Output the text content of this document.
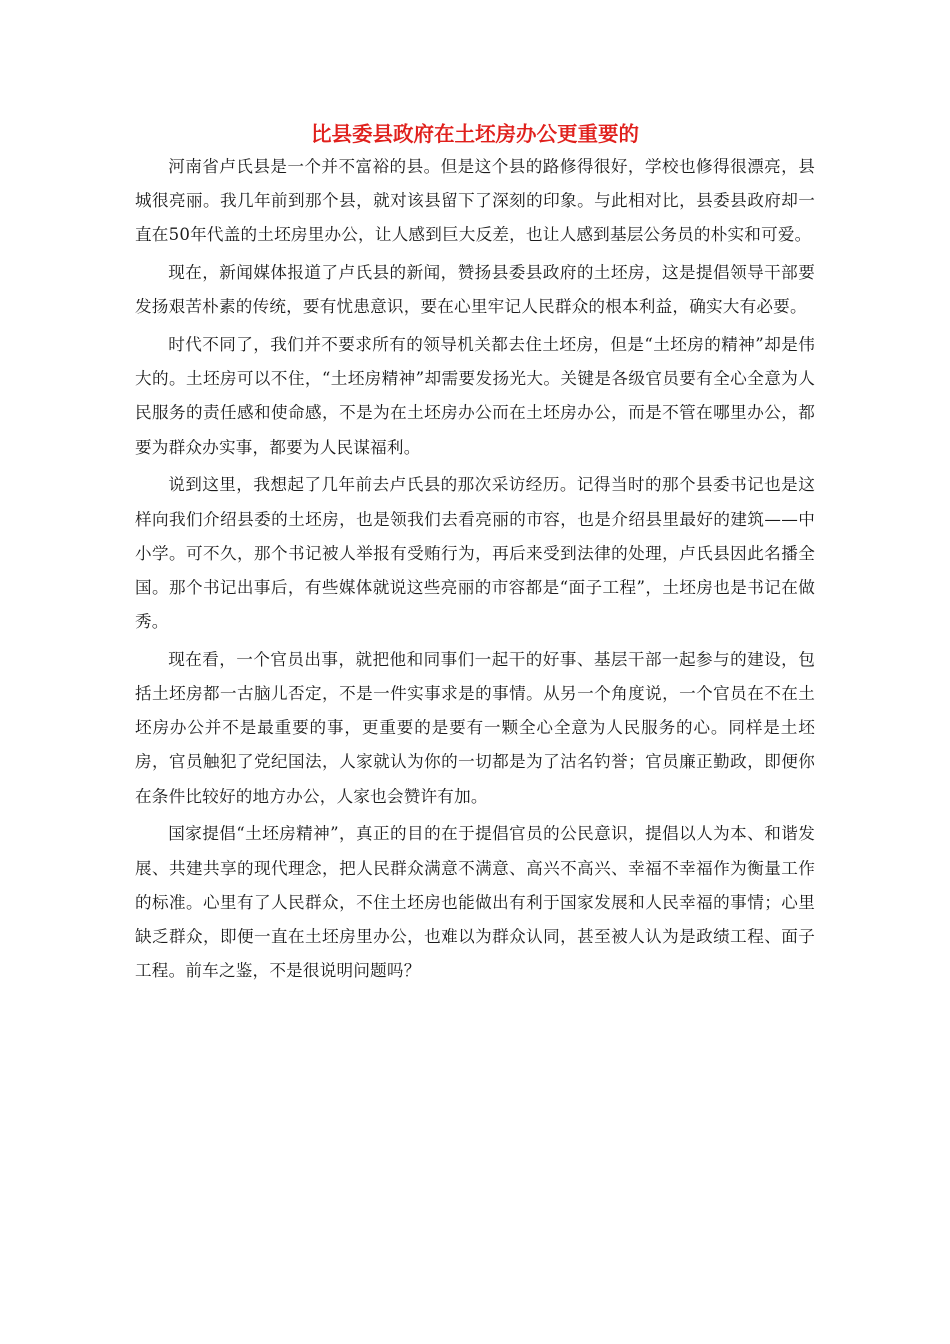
比县委县政府在土坯房办公更重要的

河南省卢氏县是一个并不富裕的县。但是这个县的路修得很好，学校也修得很漂亮，县城很亮丽。我几年前到那个县，就对该县留下了深刻的印象。与此相对比，县委县政府却一直在50年代盖的土坯房里办公，让人感到巨大反差，也让人感到基层公务员的朴实和可爱。

现在，新闻媒体报道了卢氏县的新闻，赞扬县委县政府的土坯房，这是提倡领导干部要发扬艰苦朴素的传统，要有忧患意识，要在心里牢记人民群众的根本利益，确实大有必要。

时代不同了，我们并不要求所有的领导机关都去住土坯房，但是“土坯房的精神”却是伟大的。土坯房可以不住，“土坯房精神”却需要发扬光大。关键是各级官员要有全心全意为人民服务的责任感和使命感，不是为在土坯房办公而在土坯房办公，而是不管在哪里办公，都要为群众办实事，都要为人民谋福利。

说到这里，我想起了几年前去卢氏县的那次采访经历。记得当时的那个县委书记也是这样向我们介绍县委的土坯房，也是领我们去看亮丽的市容，也是介绍县里最好的建筑——中小学。可不久，那个书记被人举报有受贿行为，再后来受到法律的处理，卢氏县因此名播全国。那个书记出事后，有些媒体就说这些亮丽的市容都是“面子工程”，土坯房也是书记在做秀。

现在看，一个官员出事，就把他和同事们一起干的好事、基层干部一起参与的建设，包括土坯房都一古脑儿否定，不是一件实事求是的事情。从另一个角度说，一个官员在不在土坯房办公并不是最重要的事，更重要的是要有一颗全心全意为人民服务的心。同样是土坯房，官员触犯了党纪国法，人家就认为你的一切都是为了沽名钓誉；官员廉正勤政，即便你在条件比较好的地方办公，人家也会赞许有加。

国家提倡“土坯房精神”，真正的目的在于提倡官员的公民意识，提倡以人为本、和谐发展、共建共享的现代理念，把人民群众满意不满意、高兴不高兴、幸福不幸福作为衡量工作的标准。心里有了人民群众，不住土坯房也能做出有利于国家发展和人民幸福的事情；心里缺乏群众，即便一直在土坯房里办公，也难以为群众认同，甚至被人认为是政绩工程、面子工程。前车之鉴，不是很说明问题吗？
